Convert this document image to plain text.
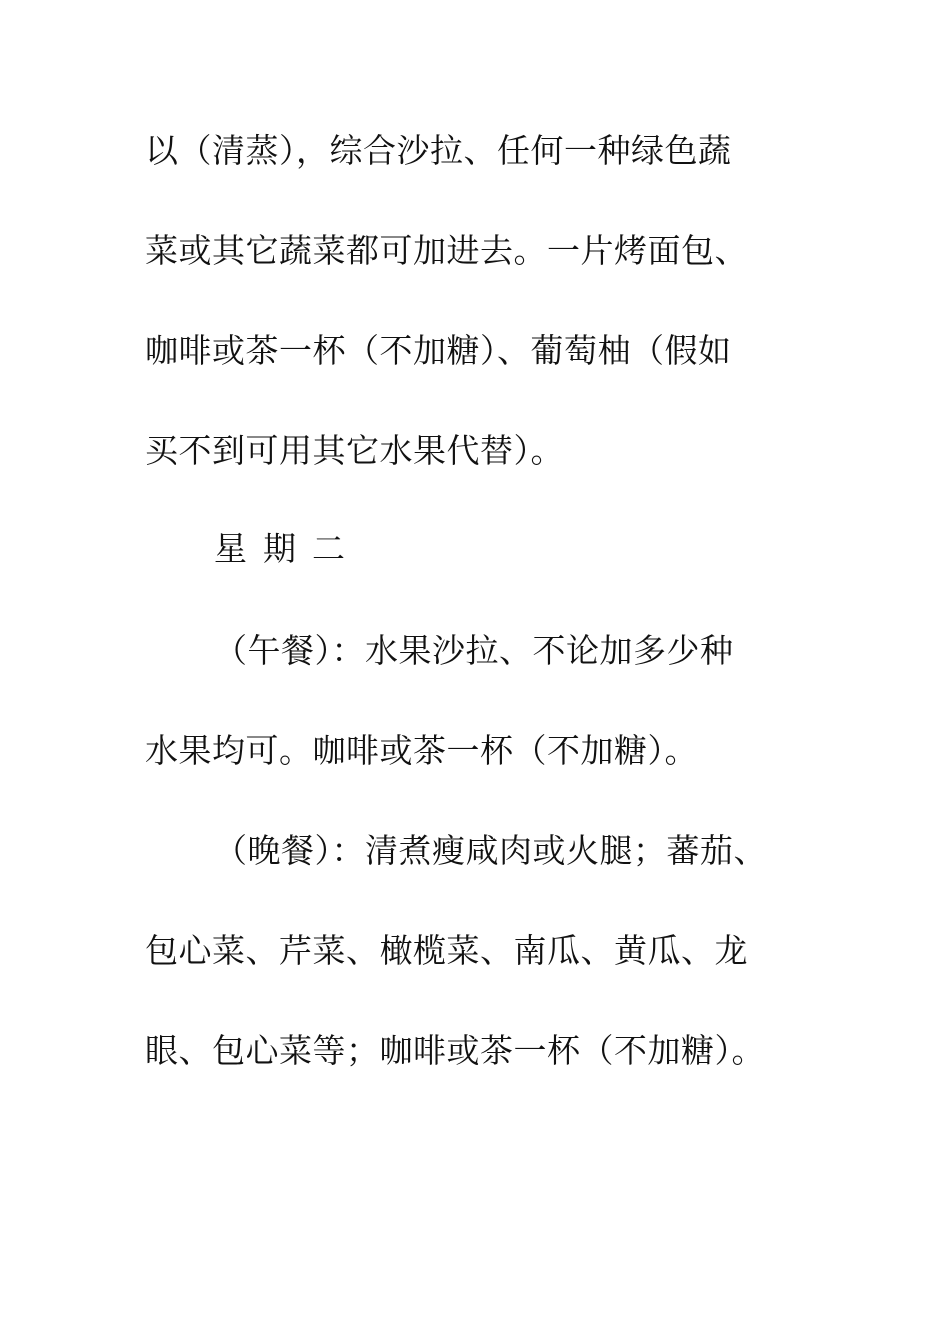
以（清蒸），综合沙拉、任何一种绿色蔬
菜或其它蔬菜都可加进去。一片烤面包、
咖啡或茶一杯（不加糖）、葡萄柚（假如
买不到可用其它水果代替）。
星 期 二
（午餐）：水果沙拉、不论加多少种
水果均可。咖啡或茶一杯（不加糖）。
（晚餐）：清煮瘦咸肉或火腿；蕃茄、
包心菜、芹菜、橄榄菜、南瓜、黄瓜、龙
眼、包心菜等；咖啡或茶一杯（不加糖）。
